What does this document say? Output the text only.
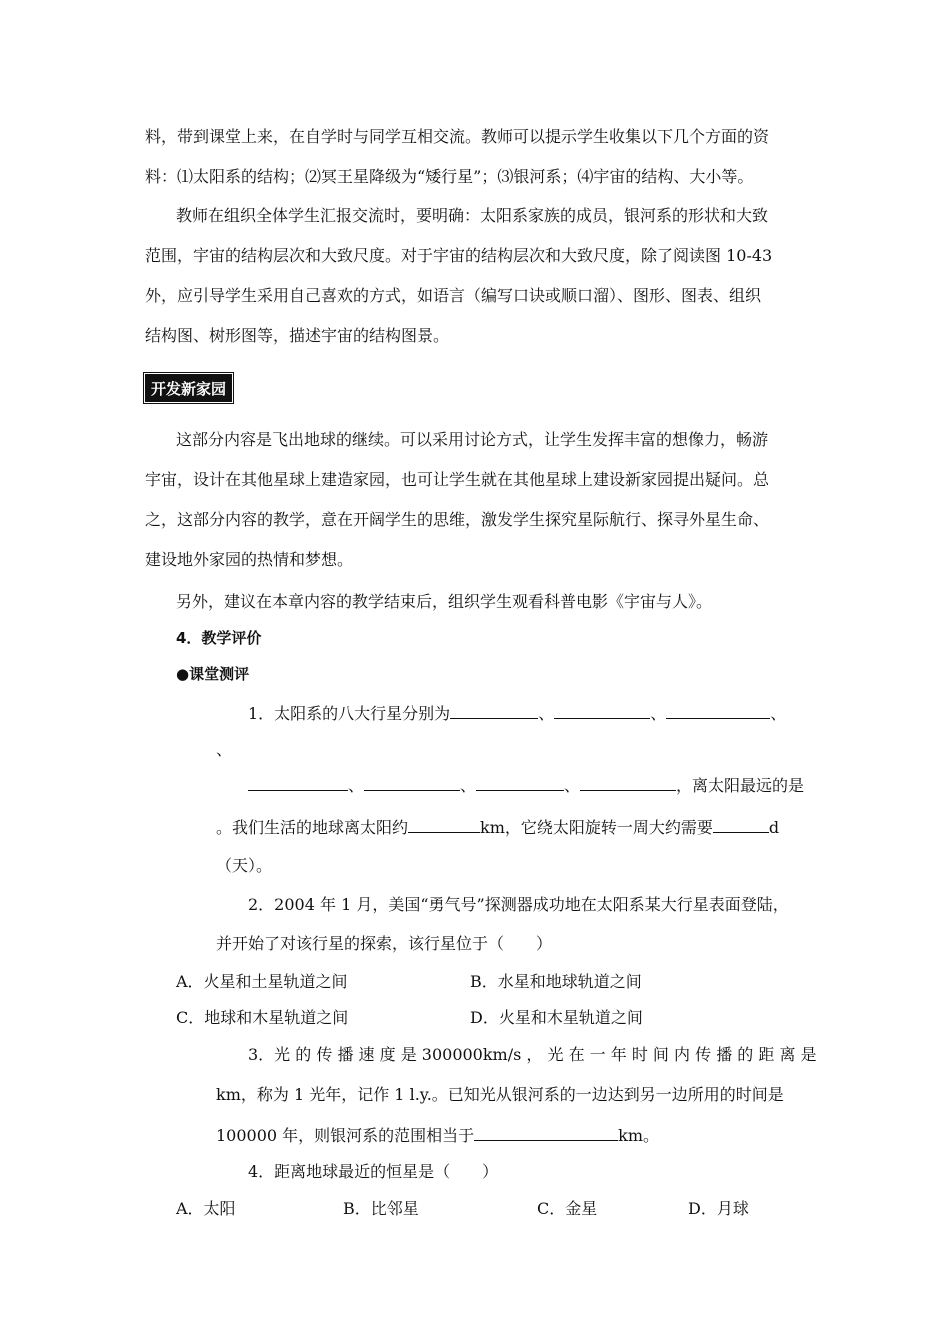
料，带到课堂上来，在自学时与同学互相交流。教师可以提示学生收集以下几个方面的资
料：⑴太阳系的结构；⑵冥王星降级为“矮行星”；⑶银河系；⑷宇宙的结构、大小等。
教师在组织全体学生汇报交流时，要明确：太阳系家族的成员，银河系的形状和大致
范围，宇宙的结构层次和大致尺度。对于宇宙的结构层次和大致尺度，除了阅读图 10-43
外，应引导学生采用自己喜欢的方式，如语言（编写口诀或顺口溜）、图形、图表、组织
结构图、树形图等，描述宇宙的结构图景。
开发新家园
这部分内容是飞出地球的继续。可以采用讨论方式，让学生发挥丰富的想像力，畅游
宇宙，设计在其他星球上建造家园，也可让学生就在其他星球上建设新家园提出疑问。总
之，这部分内容的教学，意在开阔学生的思维，激发学生探究星际航行、探寻外星生命、
建设地外家园的热情和梦想。
另外，建议在本章内容的教学结束后，组织学生观看科普电影《宇宙与人》。
4．教学评价
●课堂测评
1．太阳系的八大行星分别为	、	、	、
、
、	、	、	，离太阳最远的是
。我们生活的地球离太阳约	km，它绕太阳旋转一周大约需要	d
（天）。
2．2004 年 1 月，美国“勇气号”探测器成功地在太阳系某大行星表面登陆，
并开始了对该行星的探索，该行星位于（　　）
A．火星和土星轨道之间	B．水星和地球轨道之间
C．地球和木星轨道之间	D．火星和木星轨道之间
3．光 的 传 播 速 度 是 300000km/s ， 光 在 一 年 时 间 内 传 播 的 距 离 是
km，称为 1 光年，记作 1 l.y.。已知光从银河系的一边达到另一边所用的时间是
100000 年，则银河系的范围相当于	km。
4．距离地球最近的恒星是（　　）
A．太阳	B．比邻星	C．金星	D．月球
